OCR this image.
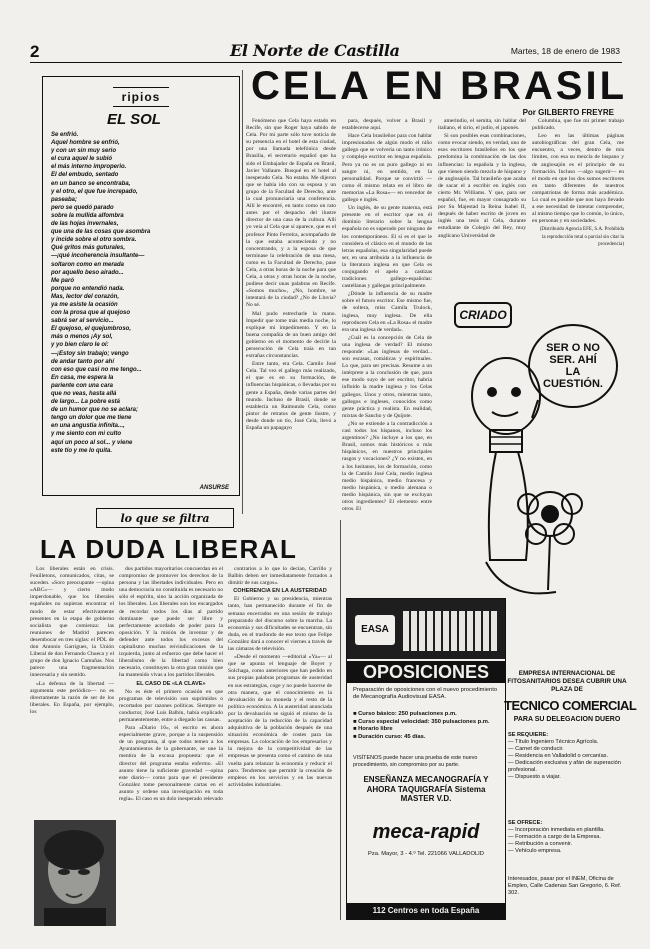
2	El Norte de Castilla	Martes, 18 de enero de 1983
ripios
EL SOL
Se enfrió.
Aquel hombre se enfrió,
y con un sin muy serio
el cura aquel le subió
el más interno improperio.
El del embudo, sentado
en un banco se encontraba,
y el otro, el que fue increpado,
paseaba;
pero se quedó parado
sobre la mullida alfombra
de las hojas invernales,
que una de las cosas que asombra
y incide sobre el otro sombra.
Qué gritos más guturales,
—¡qué incoherencia insultante—
soltaron como en merada
por aquello beso airado...
Me paró
porque no entendió nada.
Mas, lector del corazón,
ya me asiste la ocasión
con la prosa que al quejoso
sabrá ser al servicio...
El quejoso, el quejumbroso,
más o menos ¡Ay sol,
y yo bien claro le oí:
—¡Estoy sin trabajo; vengo
de andar tanto por ahí
con eso que casi no me tengo...
En casa, me espera la
pariente con una cara
que no veas, hasta allá
de largo... La pobre está
de un humor que no se aclara;
tengo un dolor que me tiene
en una angustia infinita...,
y me siento con mi culto
aquí un poco al sol... y viene
este tío y me lo quita.
ANSURSE
lo que se filtra
LA DUDA LIBERAL

Los liberales están en crisis. Feuilletons, comunicados, citas, se suceden. «Soro preocupante —opina «ABC»— y cierto modo imperdonable, que los liberales españoles no supieran encontrar el modo de estar efectivamente presentes en la etapa de gobierno socialista que comienza: las reuniones de Madrid parecen desembocar en tres siglas: el PDL de don Antonio Garrigues, la Unión Liberal de don Fernando Chueca y el grupo de don Ignacio Camuñas. Nos parece una fragmentación innecesaria y sin sentido.

«La defensa de la libertad —argumenta este periódico— no es directamente la razón de ser de los liberales. En España, por ejemplo, los

dos partidos mayoritarios concuerdan en el compromiso de promover los derechos de la persona y las libertades individuales. Pero en una democracia no constituida es necesario no sólo el espíritu, sino la acción organizada de los liberales. Los liberales son los encargados de recordar todos los días al partido dominante que puede ser libre y perfectamente acordado de poder para la oposición. Y la misión de inventar y de defender ante todos los excesos del capitalismo muchas reivindicaciones de la izquierda, junto al esfuerzo que debe hacer el liberalismo de la libertad como bien necesario, constituyen la otra gran misión que ha mantenido vivas a los partidos liberales.

EL CASO DE «LA CLAVE»

No es éste el primero ocasión en que programas de televisión son suprimidos o recortados por razones políticas. Siempre su conductor, José Luis Balbín, había explicado permanentemente, entre a diegado las causas.

Para «Diario 16», el escrito es ahora especialmente grave, porque a la suspensión de un programa, al que todos temen a los Ayuntamientos de la gobernante, se une la mentira de la excusa propuesta: que el director del programa estaba enfermo. «El asunto tiene la suficiente gravedad —opina este diario— como para que el presidente González tome personalmente cartas en el asunto y ordene una investigación en toda regla». El caso es un dolo inesperado relevado

contrarios a lo que lo decían, Carrillo y Balbín deben ser inmediatamente forzados a dimitir de sus cargos».

COHERENCIA EN LA AUSTERIDAD

El Gobierno y su presidencia, mientras tanto, han permanecido durante el fin de semana encerrados en una sesión de trabajo preparando del discurso sobre la marcha. La economía y sus dificultades se encuentran, sin duda, en el trasfondo de ese texto que Felipe González dará a conocer el viernes a través de las cámaras de televisión.

«Desde el momento —editorial «Ya»— al que se apunta el lenguaje de Boyer y Solchaga, como anteriores que han pedido en sus propias palabras programas de austeridad en sus estrategias, coge y no puede hacerse de otra manera, que el conocimiento es la devaluación de su moneda y el resto de la política económica. A la austeridad anunciada por la devaluación se siguió el mismo de la aceptación de la reducción de la capacidad adquisitiva de la población después de una situación económica de costes para las empresas. La colocación de los empresarios y la mejora de la competitividad de las empresas se presenta como el camino de una vuelta para relanzar la economía y reducir el paro. Tendremos que permitir la creación de empleos en los servicios y en las nuevas actividades industriales.

CELA EN BRASIL
Por GILBERTO FREYRE

Fenómeno que Cela haya estado en Recife, sin que Roger haya sabido de Cela. Por mi parte sólo tuve noticia de su presencia en el hotel de esta ciudad, por una llamada telefónica desde Brasilia, el secretario español que ha sido el Embajador de España en Brasil, Javier Vallaure. Busqué en el hotel al inesperado Cela. No estaba. Me dijeron que se había ido con su esposa y un grupo de la Facultad de Derecho, ante la cual pronunciaría una conferencia. Allí le encontré, en tanto como un rato antes por el despacho del ilustre director de una casa de la cultura. Allí yo veía al Cela que sí aparece, que es el profesor Pinto Ferreira, acompañado de la que estaba aconteciendo y no concentrando, y a la esposa de que terminase la celebración de una mesa, como es la Facultad de Derecho, pase Cela, a otras horas de la noche para que Cela, a otras y otras horas de la noche, pudiese decir unas palabras en Recife. «Somos mucho», ¿No, hombre, se intentará de la ciudad? ¿No de Lluvia? No sé.

Mal pudo estrecharle la mano. Impedir que tome más media noche, lo explique mi impedimento. Y en la buena compañía de un buen amigo del gobierno en el momento de decirle la persecución de Cela traía en tan extrañas circunstancias.

Entre tanto, era Cela. Camilo José Cela. Tal vez el gallego más realizado, el que es en su formación, de influencias hispánicas, o llevadas por su gente a España, desde varias partes del mundo. Incluso de Brasil, donde se establecía un Raimundo Cela, como pintor de retratos de gente ilustre, y desde donde un tío, José Cela, llevó a España un papagayo

para, después, volver a Brasil y establecerse aquí.

Hace Cela brasileños para con hablar impresionados de algún modo el niño gallego que se volvería un tanto irónico y complejo escritor en lengua española. Pero ya no es un puro gallego ni en sangre ni, en sentido, en la personalidad. Porque se convirtió —como él mismo relata en el libro de memorias «La Rosa»— en vencedor de gallego e inglés.

Un inglés, de su gente materna, está presente en el escritor que en él dominio literario sobre la lengua española no es superado por ninguno de los contemporáneos. El sí es el que le considera el clásico en el mundo de las letras españolas, esa singularidad puede ser, en una atribuida a la influencia de la literatura inglesa en que Cela es conjugando el apelo a castizas tradiciones gallego-españolas: castellanas y gallegas principalmente.

¿Dónde la influencia de su madre sobre el futuro escritor. Ese mismo fue, de soltera, miss Camila Trulock, inglesa, muy inglesa. De ella reproducen Cela en «La Rosa» el madre era una inglesa de verdad».

¿Cuál es la concepción de Cela de una inglesa de verdad? El mismo responde: «Las inglesas de verdad... son escasas, romáticas y espirituales. Lo que, para ser precisas. Resume a un intérprete a la conclusión de que, para ese modo suyo de ser escritor, habría influido la madre inglesa y los Celas gallegos. Unos y otros, mientras tanto, gallegos e ingleses, conocidos como gente práctica y realista. En realidad, mixtas de Sancho y de Quijote.

¿No se extiende a la contradicción a casi todos los hispanos, incluso los argentinos? ¿No incluye a los que, en Brasil, somos más históricos o más hispánicos, en nuestros principales rasgos y vocaciones? ¿Y no existen, en a los lusitanos, los de formación, como la de Camilo José Cela, medio inglesa medio hispánica, medio francesa y medio hispánica, o medio alemana o medio hispánica, sin que se excluyan otros ingredientes? El elemento entre otros. El

amerindio, el semita, sin hablar del italiano, el sirio, el judío, el japonés.

Si son posibles esas combinaciones, como evocar siendo, en verdad, uno de esos escritores brasileños en los que predomina la combinación de las dos influencias: la española y la inglesa, que vienen siendo mezcla de hispano y de anglosajón. Tal brasileño que acaba de sacar el a escribir en inglés con cierto Mr. Williams. Y que, para ser español, fue, en mayor consagrado su por Su Majestad la Reina Isabel II, después de haber escrito de joven en inglés una tesis al Cela, durante estudiante de Colegio del Rey, muy anglicano Universidad de

Columbia, que fue mi primer trabajo publicado.

Leo en las últimas páginas autobiográficas del gran Cela, me encuentro, a veces, dentro de mis límites, con esa su mezcla de hispano y de anglosajón es el principio de su formación. Incluso —algo sugerir— en el modo en que los dos somos escritores en tanto diferentes de nuestros compatriotas de forma más académica. Lo cual es posible que nos haya llevado a ese necesidad de intentar comprender, al mismo tiempo que lo común, lo único, en personas y en sociedades.

(Distribuido Agencia EFE, S.A. Prohibida la reproducción total o parcial sin citar la procedencia)

CRIADO
SER O NO SER. AHÍ LA CUESTIÓN.
EASA
OPOSICIONES
Preparación de oposiciones con el nuevo procedimiento de Mecanografía Audiovisual EASA.
■ Curso básico: 250 pulsaciones p.m.
■ Curso especial velocidad: 350 pulsaciones p.m.
■ Horario libre
■ Duración curso: 45 días.
VISÍTENOS puede hacer una prueba de este nuevo procedimiento, sin compromiso por su parte.
ENSEÑANZA MECANOGRAFÍA Y AHORA TAQUIGRAFÍA Sistema MASTER V.D.
meca-rapid
Pza. Mayor, 3 - 4.º Tel. 221066 VALLADOLID
112 Centros en toda España
EMPRESA INTERNACIONAL DE FITOSANITARIOS DESEA CUBRIR UNA PLAZA DE
TECNICO COMERCIAL
PARA SU DELEGACION DUERO
SE REQUIERE:
— Título Ingeniero Técnico Agrícola.
— Carnet de conducir.
— Residencia en Valladolid o cercanías.
— Dedicación exclusiva y afán de superación profesional.
— Dispuesto a viajar.
SE OFRECE:
— Incorporación inmediata en plantilla.
— Formación a cargo de la Empresa.
— Retribución a convenir.
— Vehículo empresa.
Interesados, pasar por el INEM, Oficina de Empleo, Calle Cadenas San Gregorio, 6. Ref. 302.
